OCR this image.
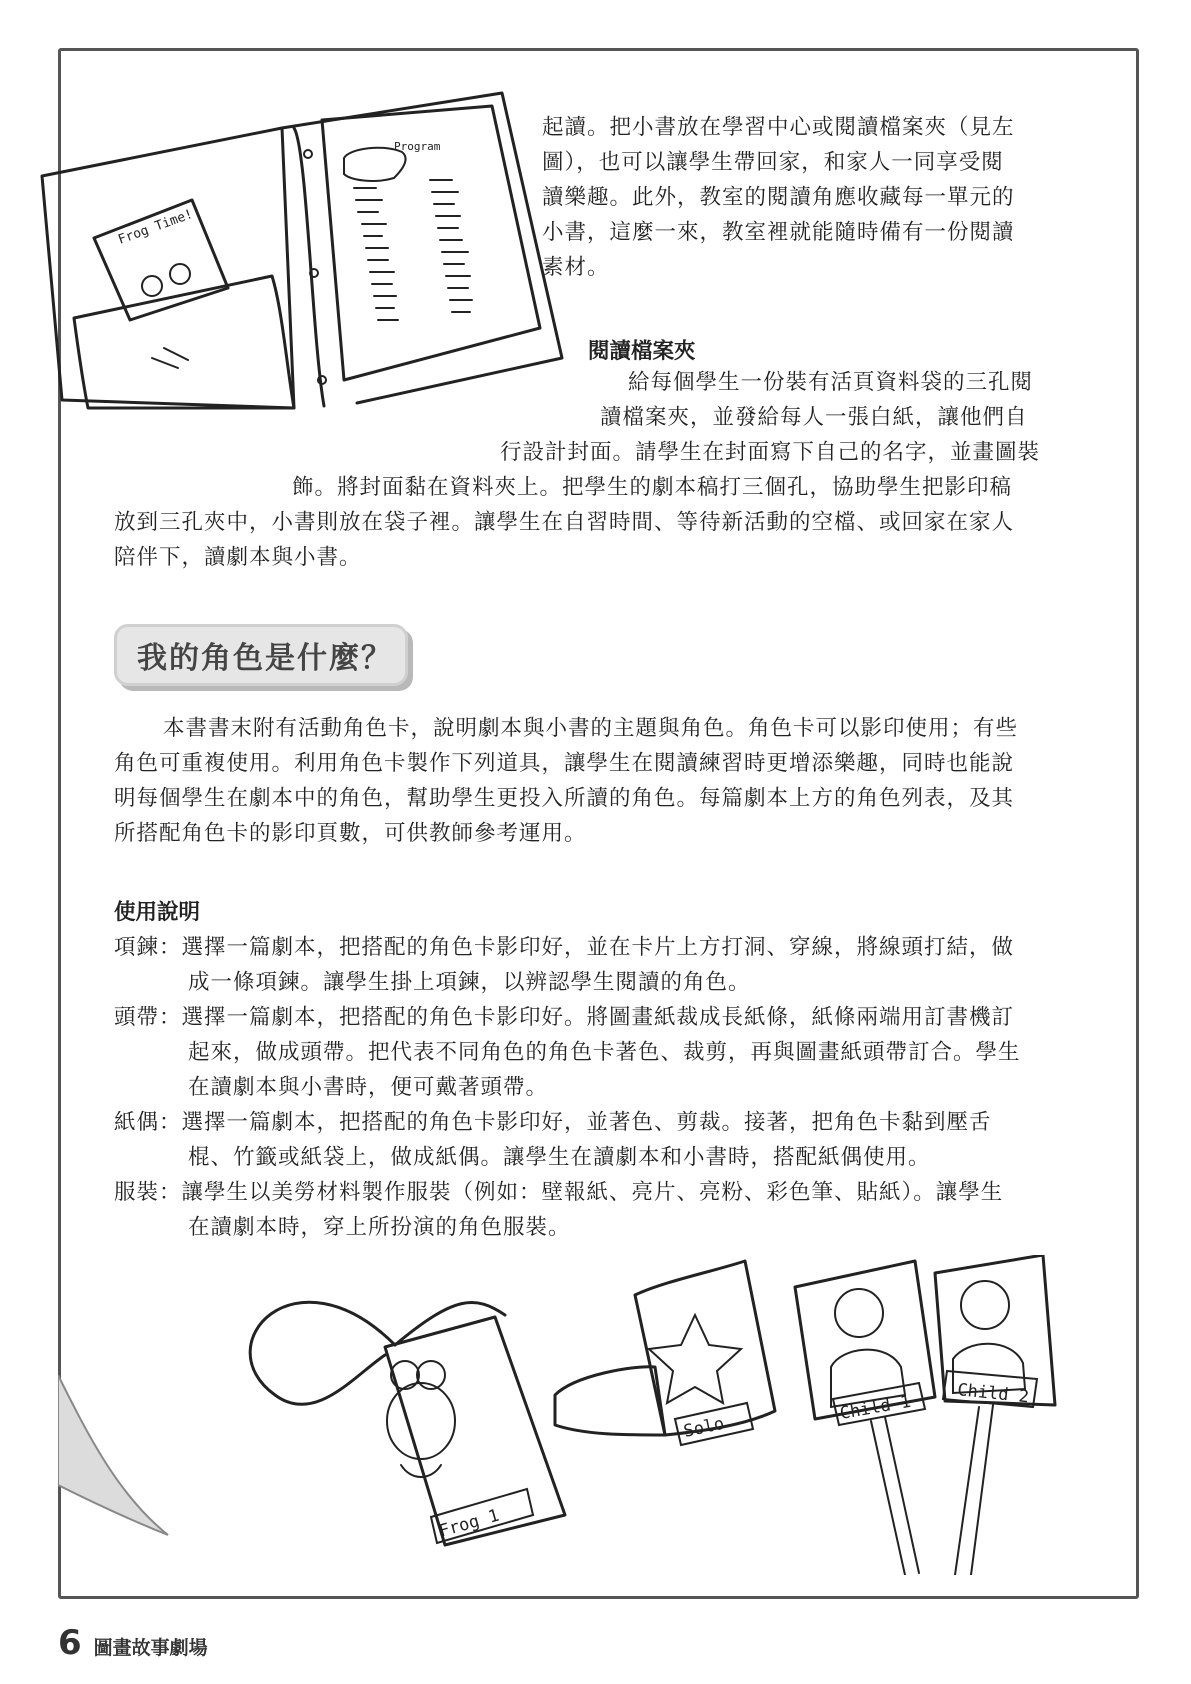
Program
Frog Time!

起讀。把小書放在學習中心或閱讀檔案夾（見左
圖），也可以讓學生帶回家，和家人一同享受閱
讀樂趣。此外，教室的閱讀角應收藏每一單元的
小書，這麼一來，教室裡就能隨時備有一份閱讀
素材。

閱讀檔案夾
給每個學生一份裝有活頁資料袋的三孔閱
讀檔案夾，並發給每人一張白紙，讓他們自
行設計封面。請學生在封面寫下自己的名字，並畫圖裝
飾。將封面黏在資料夾上。把學生的劇本稿打三個孔，協助學生把影印稿
放到三孔夾中，小書則放在袋子裡。讓學生在自習時間、等待新活動的空檔、或回家在家人
陪伴下，讀劇本與小書。
我的角色是什麼？
本書書末附有活動角色卡，說明劇本與小書的主題與角色。角色卡可以影印使用；有些
角色可重複使用。利用角色卡製作下列道具，讓學生在閱讀練習時更增添樂趣，同時也能說
明每個學生在劇本中的角色，幫助學生更投入所讀的角色。每篇劇本上方的角色列表，及其
所搭配角色卡的影印頁數，可供教師參考運用。
使用說明
項鍊：選擇一篇劇本，把搭配的角色卡影印好，並在卡片上方打洞、穿線，將線頭打結，做
成一條項鍊。讓學生掛上項鍊，以辨認學生閱讀的角色。
頭帶：選擇一篇劇本，把搭配的角色卡影印好。將圖畫紙裁成長紙條，紙條兩端用訂書機訂
起來，做成頭帶。把代表不同角色的角色卡著色、裁剪，再與圖畫紙頭帶訂合。學生
在讀劇本與小書時，便可戴著頭帶。
紙偶：選擇一篇劇本，把搭配的角色卡影印好，並著色、剪裁。接著，把角色卡黏到壓舌
棍、竹籤或紙袋上，做成紙偶。讓學生在讀劇本和小書時，搭配紙偶使用。
服裝：讓學生以美勞材料製作服裝（例如：壁報紙、亮片、亮粉、彩色筆、貼紙）。讓學生
在讀劇本時，穿上所扮演的角色服裝。
Frog 1
Solo
Child 1	Child 2
6 圖畫故事劇場
